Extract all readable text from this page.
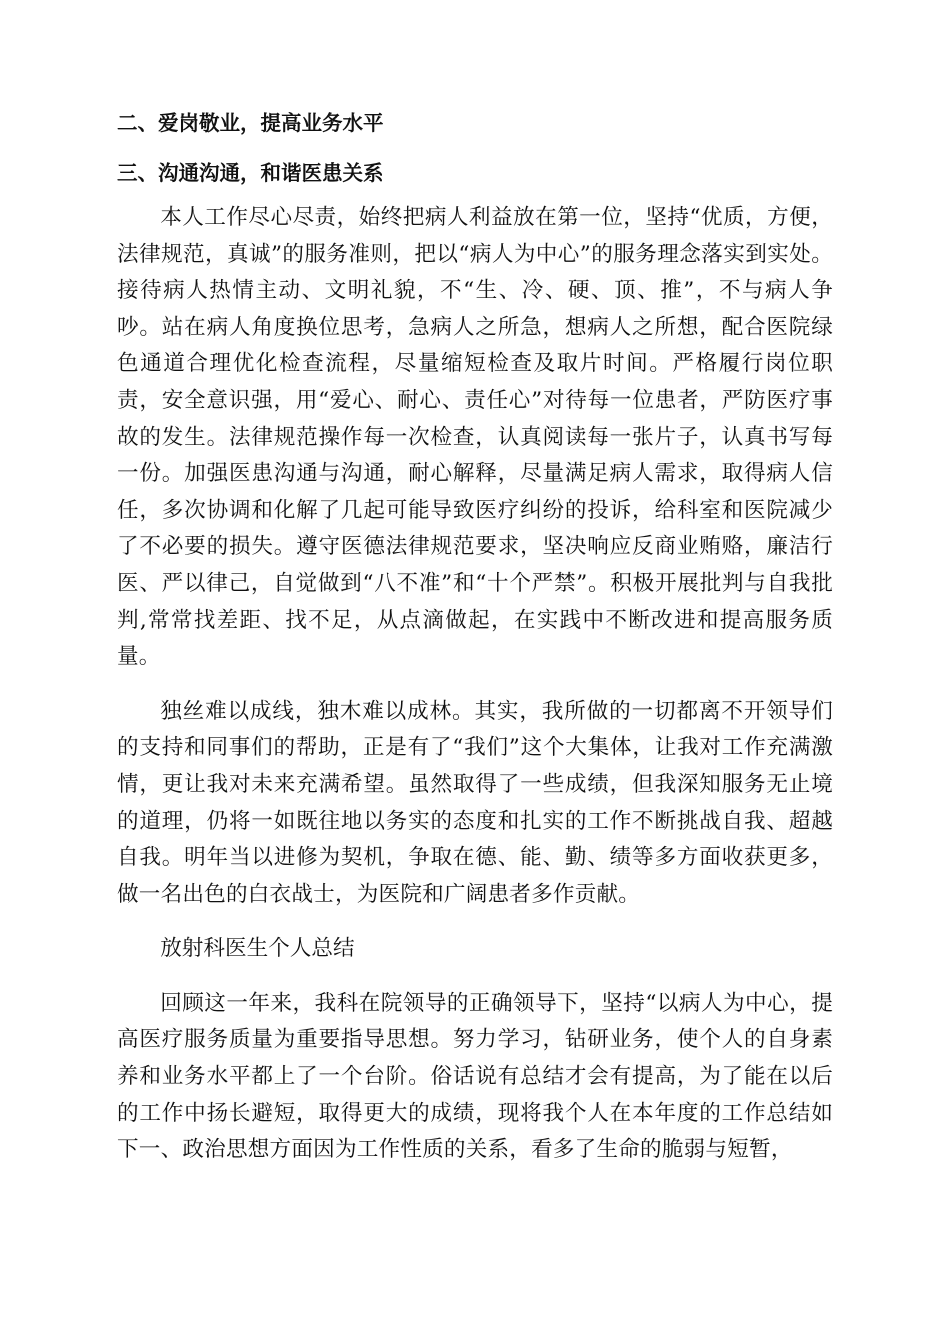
二、爱岗敬业，提高业务水平
三、沟通沟通，和谐医患关系

本人工作尽心尽责，始终把病人利益放在第一位，坚持“优质，方便，法律规范，真诚”的服务准则，把以“病人为中心”的服务理念落实到实处。接待病人热情主动、文明礼貌，不“生、冷、硬、顶、推”，不与病人争吵。站在病人角度换位思考，急病人之所急，想病人之所想，配合医院绿色通道合理优化检查流程，尽量缩短检查及取片时间。严格履行岗位职责，安全意识强，用“爱心、耐心、责任心”对待每一位患者，严防医疗事故的发生。法律规范操作每一次检查，认真阅读每一张片子，认真书写每一份。加强医患沟通与沟通，耐心解释，尽量满足病人需求，取得病人信任，多次协调和化解了几起可能导致医疗纠纷的投诉，给科室和医院减少了不必要的损失。遵守医德法律规范要求，坚决响应反商业贿赂，廉洁行医、严以律己，自觉做到“八不准”和“十个严禁”。积极开展批判与自我批判,常常找差距、找不足，从点滴做起，在实践中不断改进和提高服务质量。

独丝难以成线，独木难以成林。其实，我所做的一切都离不开领导们的支持和同事们的帮助，正是有了“我们”这个大集体，让我对工作充满激情，更让我对未来充满希望。虽然取得了一些成绩，但我深知服务无止境的道理，仍将一如既往地以务实的态度和扎实的工作不断挑战自我、超越自我。明年当以进修为契机，争取在德、能、勤、绩等多方面收获更多，做一名出色的白衣战士，为医院和广阔患者多作贡献。

放射科医生个人总结

回顾这一年来，我科在院领导的正确领导下，坚持“以病人为中心，提高医疗服务质量为重要指导思想。努力学习，钻研业务，使个人的自身素养和业务水平都上了一个台阶。俗话说有总结才会有提高，为了能在以后的工作中扬长避短，取得更大的成绩，现将我个人在本年度的工作总结如下一、政治思想方面因为工作性质的关系，看多了生命的脆弱与短暂，
